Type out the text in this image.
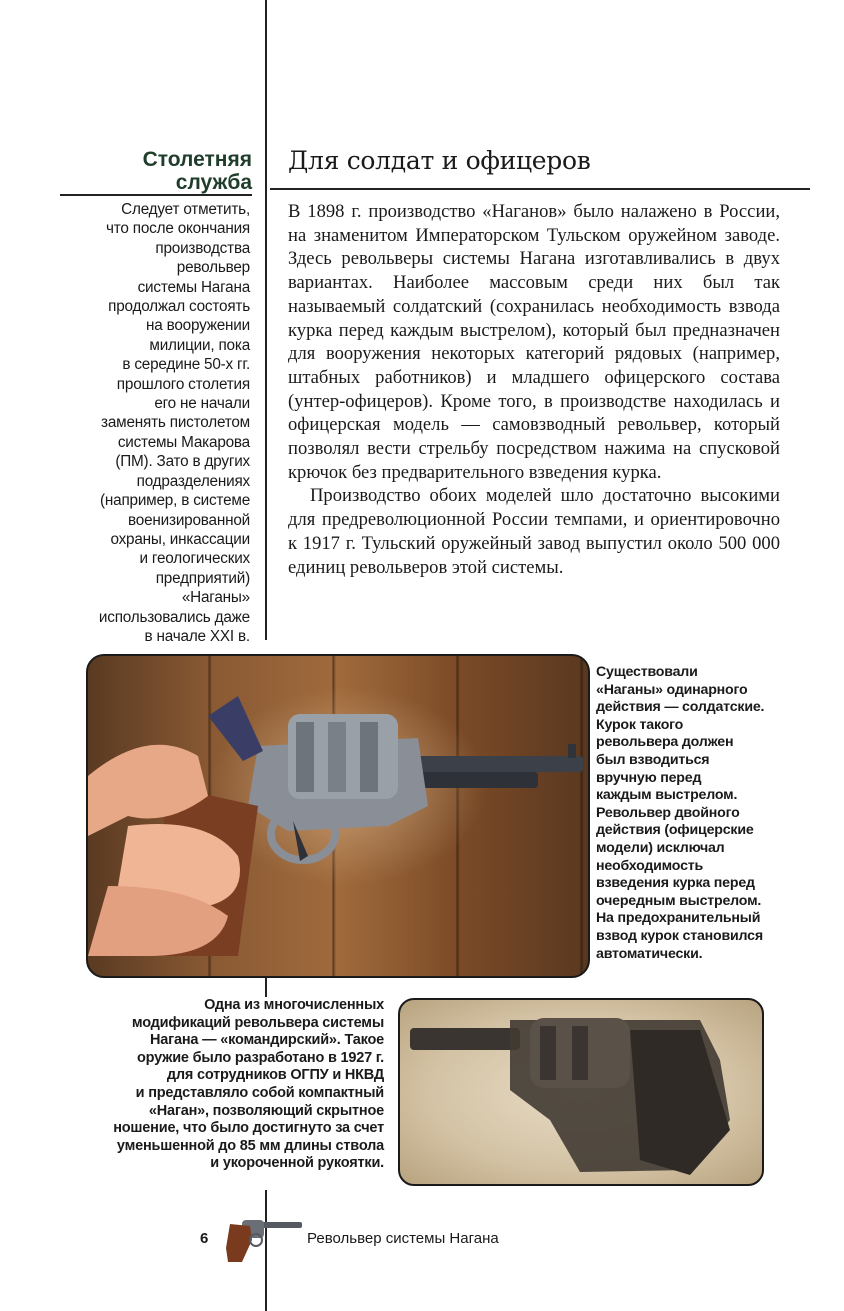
Столетняя
служба
Следует отметить,
что после окончания
производства
револьвер
системы Нагана
продолжал состоять
на вооружении
милиции, пока
в середине 50-х гг.
прошлого столетия
его не начали
заменять пистолетом
системы Макарова
(ПМ). Зато в других
подразделениях
(например, в системе
военизированной
охраны, инкассации
и геологических
предприятий)
«Наганы»
использовались даже
в начале XXI в.
Для солдат и офицеров

В 1898 г. производство «Наганов» было налажено в России, на знаменитом Императорском Тульском оружейном заводе. Здесь револьверы системы Нагана изготавливались в двух вариантах. Наиболее массовым среди них был так называемый солдатский (сохранилась необходимость взвода курка перед каждым выстрелом), который был предназначен для вооружения некоторых категорий рядовых (например, штабных работников) и младшего офицерского состава (унтер-офицеров). Кроме того, в производстве находилась и офицерская модель — самовзводный револьвер, который позволял вести стрельбу посредством нажима на спусковой крючок без предварительного взведения курка.

Производство обоих моделей шло достаточно высокими для предреволюционной России темпами, и ориентировочно к 1917 г. Тульский оружейный завод выпустил около 500 000 единиц револьверов этой системы.

Существовали
«Наганы» одинарного
действия — солдатские.
Курок такого
револьвера должен
был взводиться
вручную перед
каждым выстрелом.
Револьвер двойного
действия (офицерские
модели) исключал
необходимость
взведения курка перед
очередным выстрелом.
На предохранительный
взвод курок становился
автоматически.
Одна из многочисленных
модификаций револьвера системы
Нагана — «командирский». Такое
оружие было разработано в 1927 г.
для сотрудников ОГПУ и НКВД
и представляло собой компактный
«Наган», позволяющий скрытное
ношение, что было достигнуто за счет
уменьшенной до 85 мм длины ствола
и укороченной рукоятки.
6	Револьвер системы Нагана
